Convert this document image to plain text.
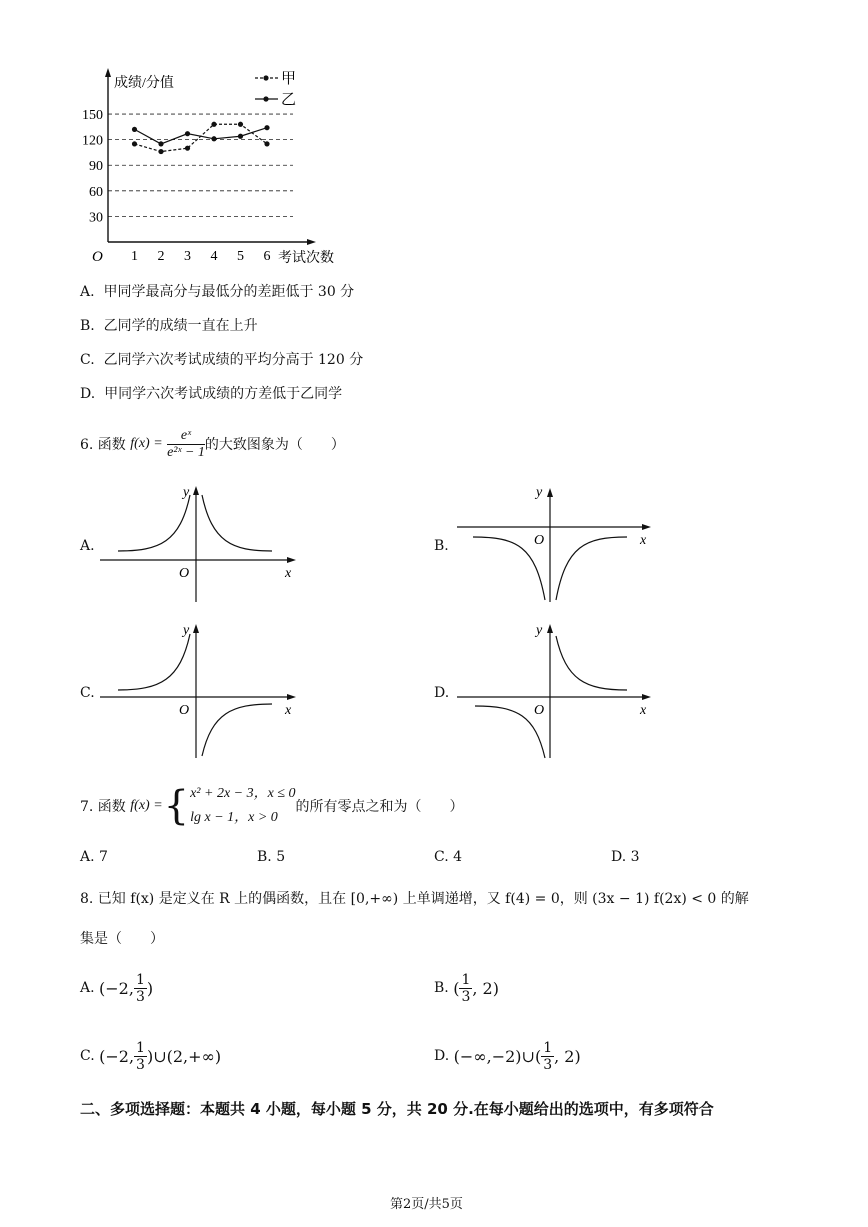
成绩/分值
考试次数
O
30
60
90
120
150
1 2 3 4 5 6
甲
乙
A. 甲同学最高分与最低分的差距低于 30 分
B. 乙同学的成绩一直在上升
C. 乙同学六次考试成绩的平均分高于 120 分
D. 甲同学六次考试成绩的方差低于乙同学
6. 函数
f(x) =
$\frac{\text{eˣ}}{\text{e²ˣ − 1}}$ 的大致图象为（　　）
A.
y
x
O
B.
y
x
O
C.
y
x
O
D.
y
x
O
7. 函数
f(x) = { x² + 2x − 3，x ≤ 0
lg x − 1，x > 0
的所有零点之和为（　　）
A. 7	B. 5	C. 4	D. 3
8. 已知 f(x) 是定义在 R 上的偶函数，且在 [0,+∞) 上单调递增，又 f(4) = 0，则 (3x − 1) f(2x) < 0 的解
集是（　　）
A.
(−2, $\frac{1}{3}$ )	B.
( $\frac{1}{3}$ , 2)
C.
(−2, $\frac{1}{3}$ )∪(2,+∞)	D.
(−∞,−2)∪( $\frac{1}{3}$ , 2)
二、多项选择题：本题共 4 小题，每小题 5 分，共 20 分.在每小题给出的选项中，有多项符合
第2页/共5页
